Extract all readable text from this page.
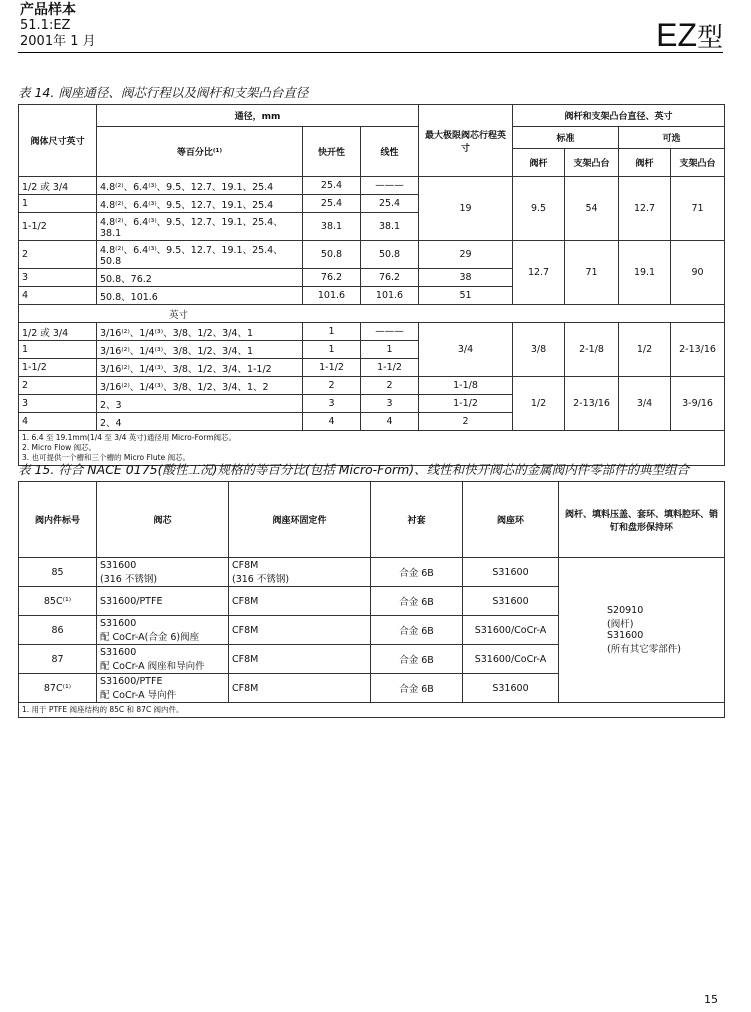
产品样本
51.1:EZ
2001年 1 月	EZ型
表 14. 阀座通径、阀芯行程以及阀杆和支架凸台直径
阀体尺寸英寸	通径，mm			最大极限阀芯行程英寸	阀杆和支架凸台直径、英寸			
	等百分比⁽¹⁾	快开性	线性		标准		可选	
					阀杆	支架凸台	阀杆	支架凸台
1/2 或 3/4	4.8⁽²⁾、6.4⁽³⁾、9.5、12.7、19.1、25.4	25.4	———	19	9.5	54	12.7	71
1	4.8⁽²⁾、6.4⁽³⁾、9.5、12.7、19.1、25.4	25.4	25.4					
1-1/2	4.8⁽²⁾、6.4⁽³⁾、9.5、12.7、19.1、25.4、38.1	38.1	38.1					
2	4.8⁽²⁾、6.4⁽³⁾、9.5、12.7、19.1、25.4、50.8	50.8	50.8	29	12.7	71	19.1	90
3	50.8、76.2	76.2	76.2	38				
4	50.8、101.6	101.6	101.6	51				
英寸								
1/2 或 3/4	3/16⁽²⁾、1/4⁽³⁾、3/8、1/2、3/4、1	1	———	3/4	3/8	2-1/8	1/2	2-13/16
1	3/16⁽²⁾、1/4⁽³⁾、3/8、1/2、3/4、1	1	1					
1-1/2	3/16⁽²⁾、1/4⁽³⁾、3/8、1/2、3/4、1-1/2	1-1/2	1-1/2					
2	3/16⁽²⁾、1/4⁽³⁾、3/8、1/2、3/4、1、2	2	2	1-1/8	1/2	2-13/16	3/4	3-9/16
3	2、3	3	3	1-1/2				
4	2、4	4	4	2				

1. 6.4 至 19.1mm(1/4 至 3/4 英寸)通径用 Micro-Form阀芯。
2. Micro Flow 阀芯。
3. 也可提供一个槽和三个槽的 Micro Flute 阀芯。								
表 15. 符合 NACE 0175(酸性工况)规格的等百分比(包括 Micro-Form)、线性和快开阀芯的金属阀内件零部件的典型组合
阀内件标号	阀芯	阀座环固定件	衬套	阀座环	阀杆、填料压盖、套环、填料腔环、销钉和盘形保持环
85	S31600
(316 不锈钢)	CF8M
(316 不锈钢)	合金 6B	S31600	S20910
(阀杆)
S31600
(所有其它零部件)
85C⁽¹⁾	S31600/PTFE	CF8M	合金 6B	S31600	
86	S31600
配 CoCr-A(合金 6)阀座	CF8M	合金 6B	S31600/CoCr-A	
87	S31600
配 CoCr-A 阀座和导向件	CF8M	合金 6B	S31600/CoCr-A	
87C⁽¹⁾	S31600/PTFE
配 CoCr-A 导向件	CF8M	合金 6B	S31600	
1. 用于 PTFE 阀座结构的 85C 和 87C 阀内件。					
15
